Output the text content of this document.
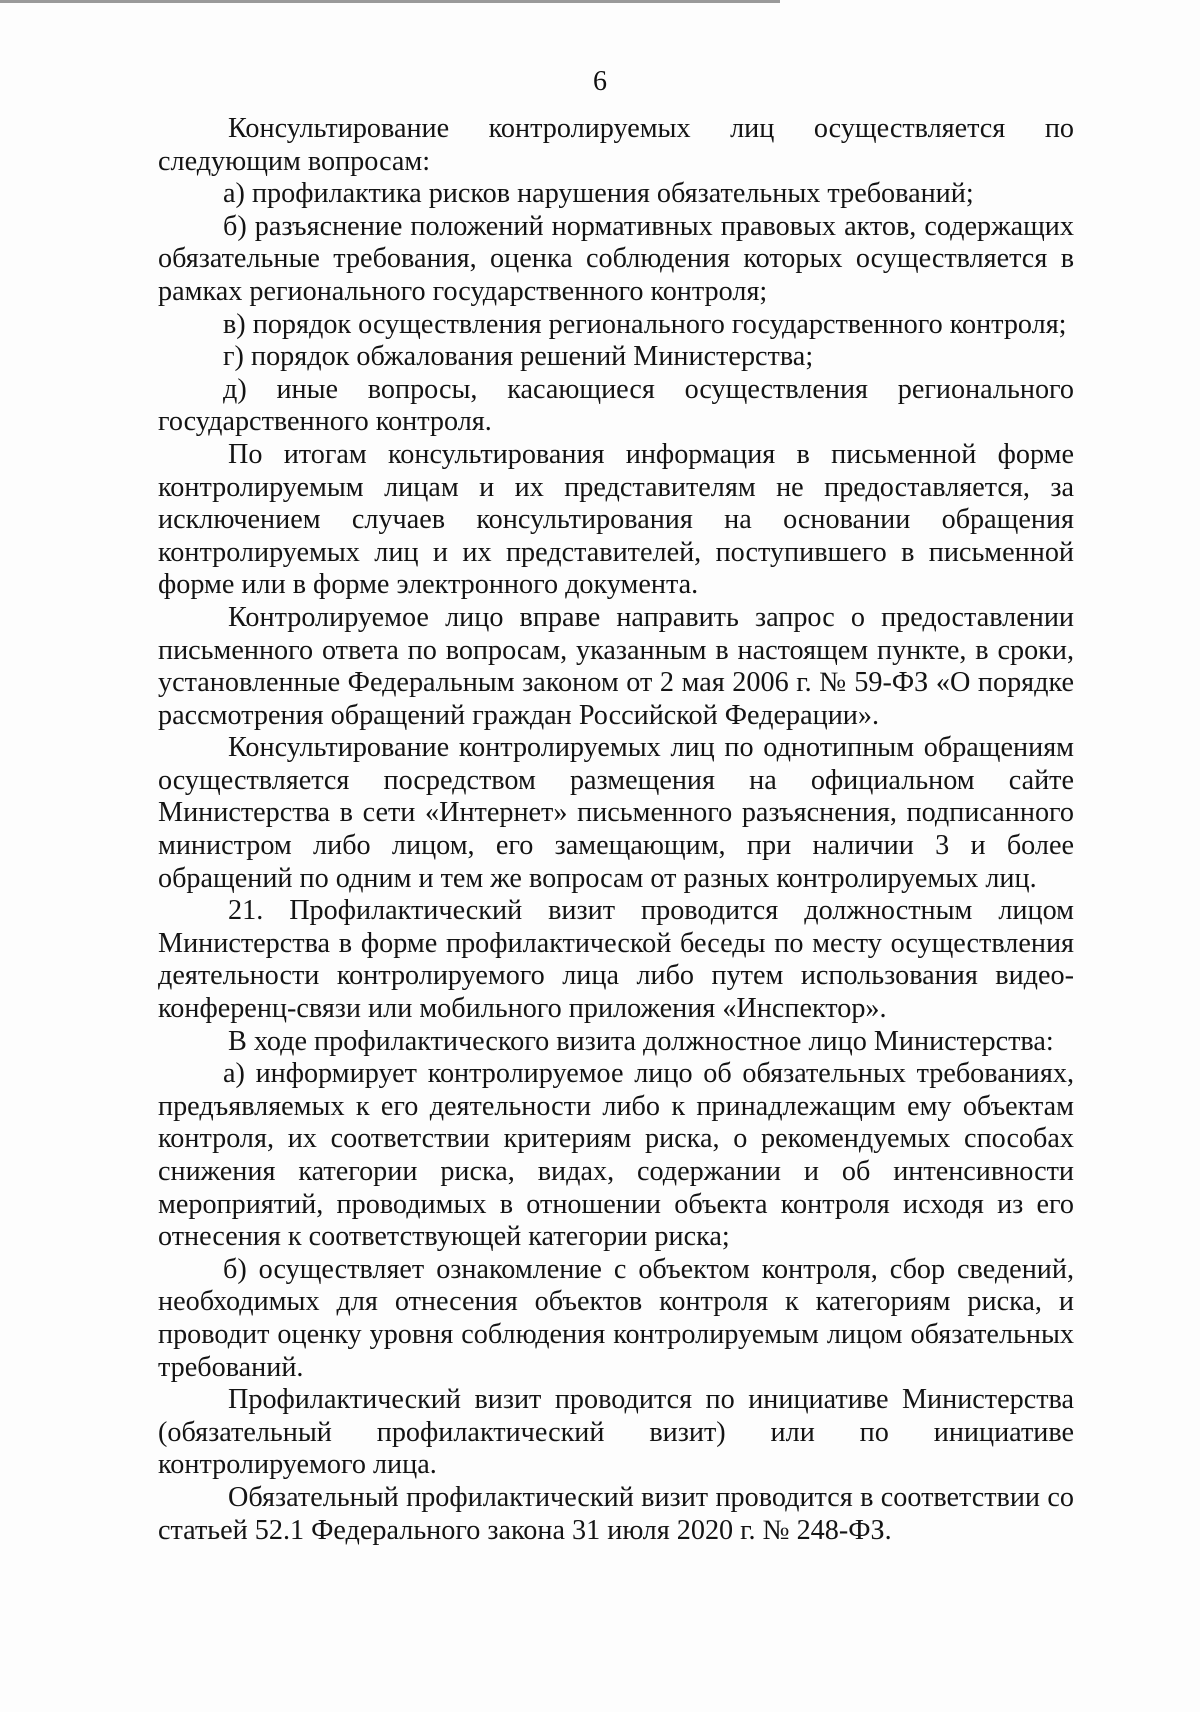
6

Консультирование контролируемых лиц осуществляется по следующим вопросам:

а) профилактика рисков нарушения обязательных требований;

б) разъяснение положений нормативных правовых актов, содержащих обязательные требования, оценка соблюдения которых осуществляется в рамках регионального государственного контроля;

в) порядок осуществления регионального государственного контроля;

г) порядок обжалования решений Министерства;

д) иные вопросы, касающиеся осуществления регионального государственного контроля.

По итогам консультирования информация в письменной форме контролируемым лицам и их представителям не предоставляется, за исключением случаев консультирования на основании обращения контролируемых лиц и их представителей, поступившего в письменной форме или в форме электронного документа.

Контролируемое лицо вправе направить запрос о предоставлении письменного ответа по вопросам, указанным в настоящем пункте, в сроки, установленные Федеральным законом от 2 мая 2006 г. № 59-ФЗ «О порядке рассмотрения обращений граждан Российской Федерации».

Консультирование контролируемых лиц по однотипным обращениям осуществляется посредством размещения на официальном сайте Министерства в сети «Интернет» письменного разъяснения, подписанного министром либо лицом, его замещающим, при наличии 3 и более обращений по одним и тем же вопросам от разных контролируемых лиц.

21. Профилактический визит проводится должностным лицом Министерства в форме профилактической беседы по месту осуществления деятельности контролируемого лица либо путем использования видео-конференц-связи или мобильного приложения «Инспектор».

В ходе профилактического визита должностное лицо Министерства:

а) информирует контролируемое лицо об обязательных требованиях, предъявляемых к его деятельности либо к принадлежащим ему объектам контроля, их соответствии критериям риска, о рекомендуемых способах снижения категории риска, видах, содержании и об интенсивности мероприятий, проводимых в отношении объекта контроля исходя из его отнесения к соответствующей категории риска;

б) осуществляет ознакомление с объектом контроля, сбор сведений, необходимых для отнесения объектов контроля к категориям риска, и проводит оценку уровня соблюдения контролируемым лицом обязательных требований.

Профилактический визит проводится по инициативе Министерства (обязательный профилактический визит) или по инициативе контролируемого лица.

Обязательный профилактический визит проводится в соответствии со статьей 52.1 Федерального закона 31 июля 2020 г. № 248-ФЗ.
